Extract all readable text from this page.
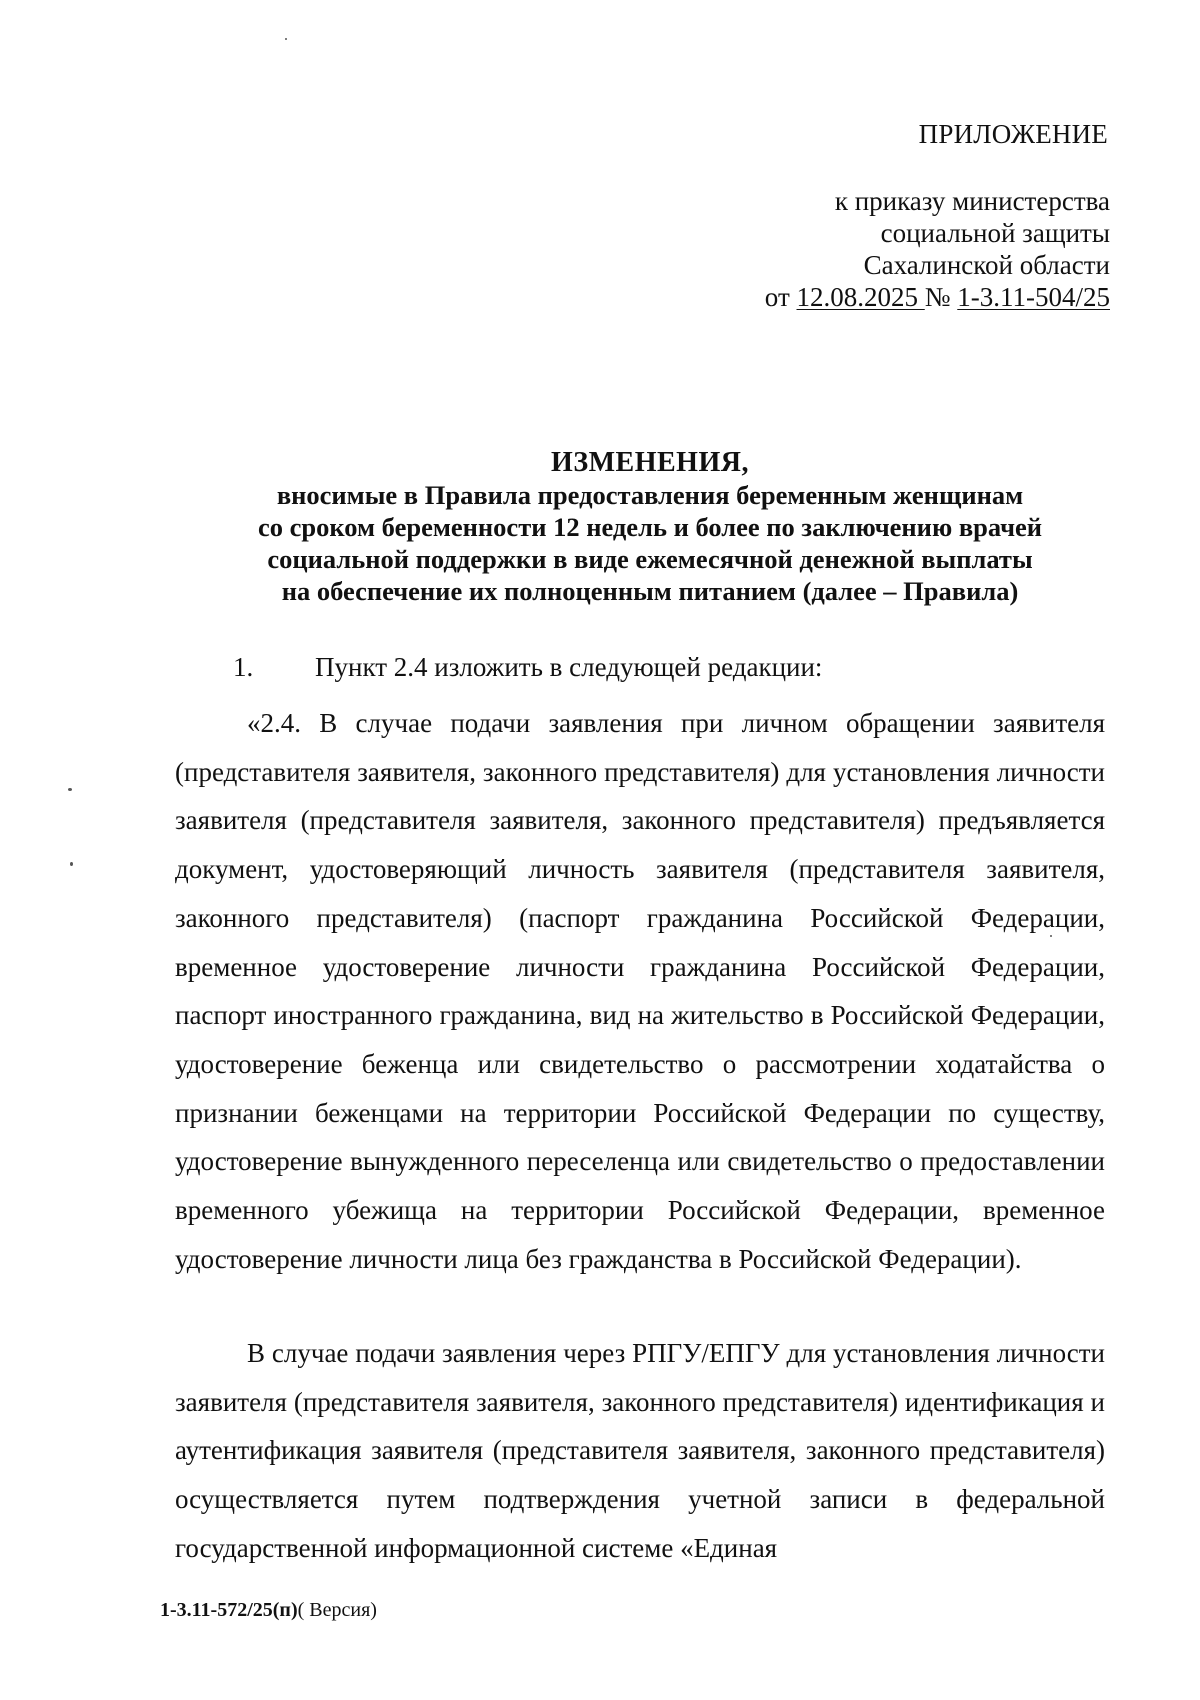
ПРИЛОЖЕНИЕ
к приказу министерства
социальной защиты
Сахалинской области
от 12.08.2025 № 1-3.11-504/25
ИЗМЕНЕНИЯ,
вносимые в Правила предоставления беременным женщинам
со сроком беременности 12 недель и более по заключению врачей
социальной поддержки в виде ежемесячной денежной выплаты
на обеспечение их полноценным питанием (далее – Правила)
1. Пункт 2.4 изложить в следующей редакции:

«2.4. В случае подачи заявления при личном обращении заявителя (представителя заявителя, законного представителя) для установления личности заявителя (представителя заявителя, законного представителя) предъявляется документ, удостоверяющий личность заявителя (представителя заявителя, законного представителя) (паспорт гражданина Российской Федерации, временное удостоверение личности гражданина Российской Федерации, паспорт иностранного гражданина, вид на жительство в Российской Федерации, удостоверение беженца или свидетельство о рассмотрении ходатайства о признании беженцами на территории Российской Федерации по существу, удостоверение вынужденного переселенца или свидетельство о предоставлении временного убежища на территории Российской Федерации, временное удостоверение личности лица без гражданства в Российской Федерации).

В случае подачи заявления через РПГУ/ЕПГУ для установления личности заявителя (представителя заявителя, законного представителя) идентификация и аутентификация заявителя (представителя заявителя, законного представителя) осуществляется путем подтверждения учетной записи в федеральной государственной информационной системе «Единая

1-3.11-572/25(п)( Версия)
